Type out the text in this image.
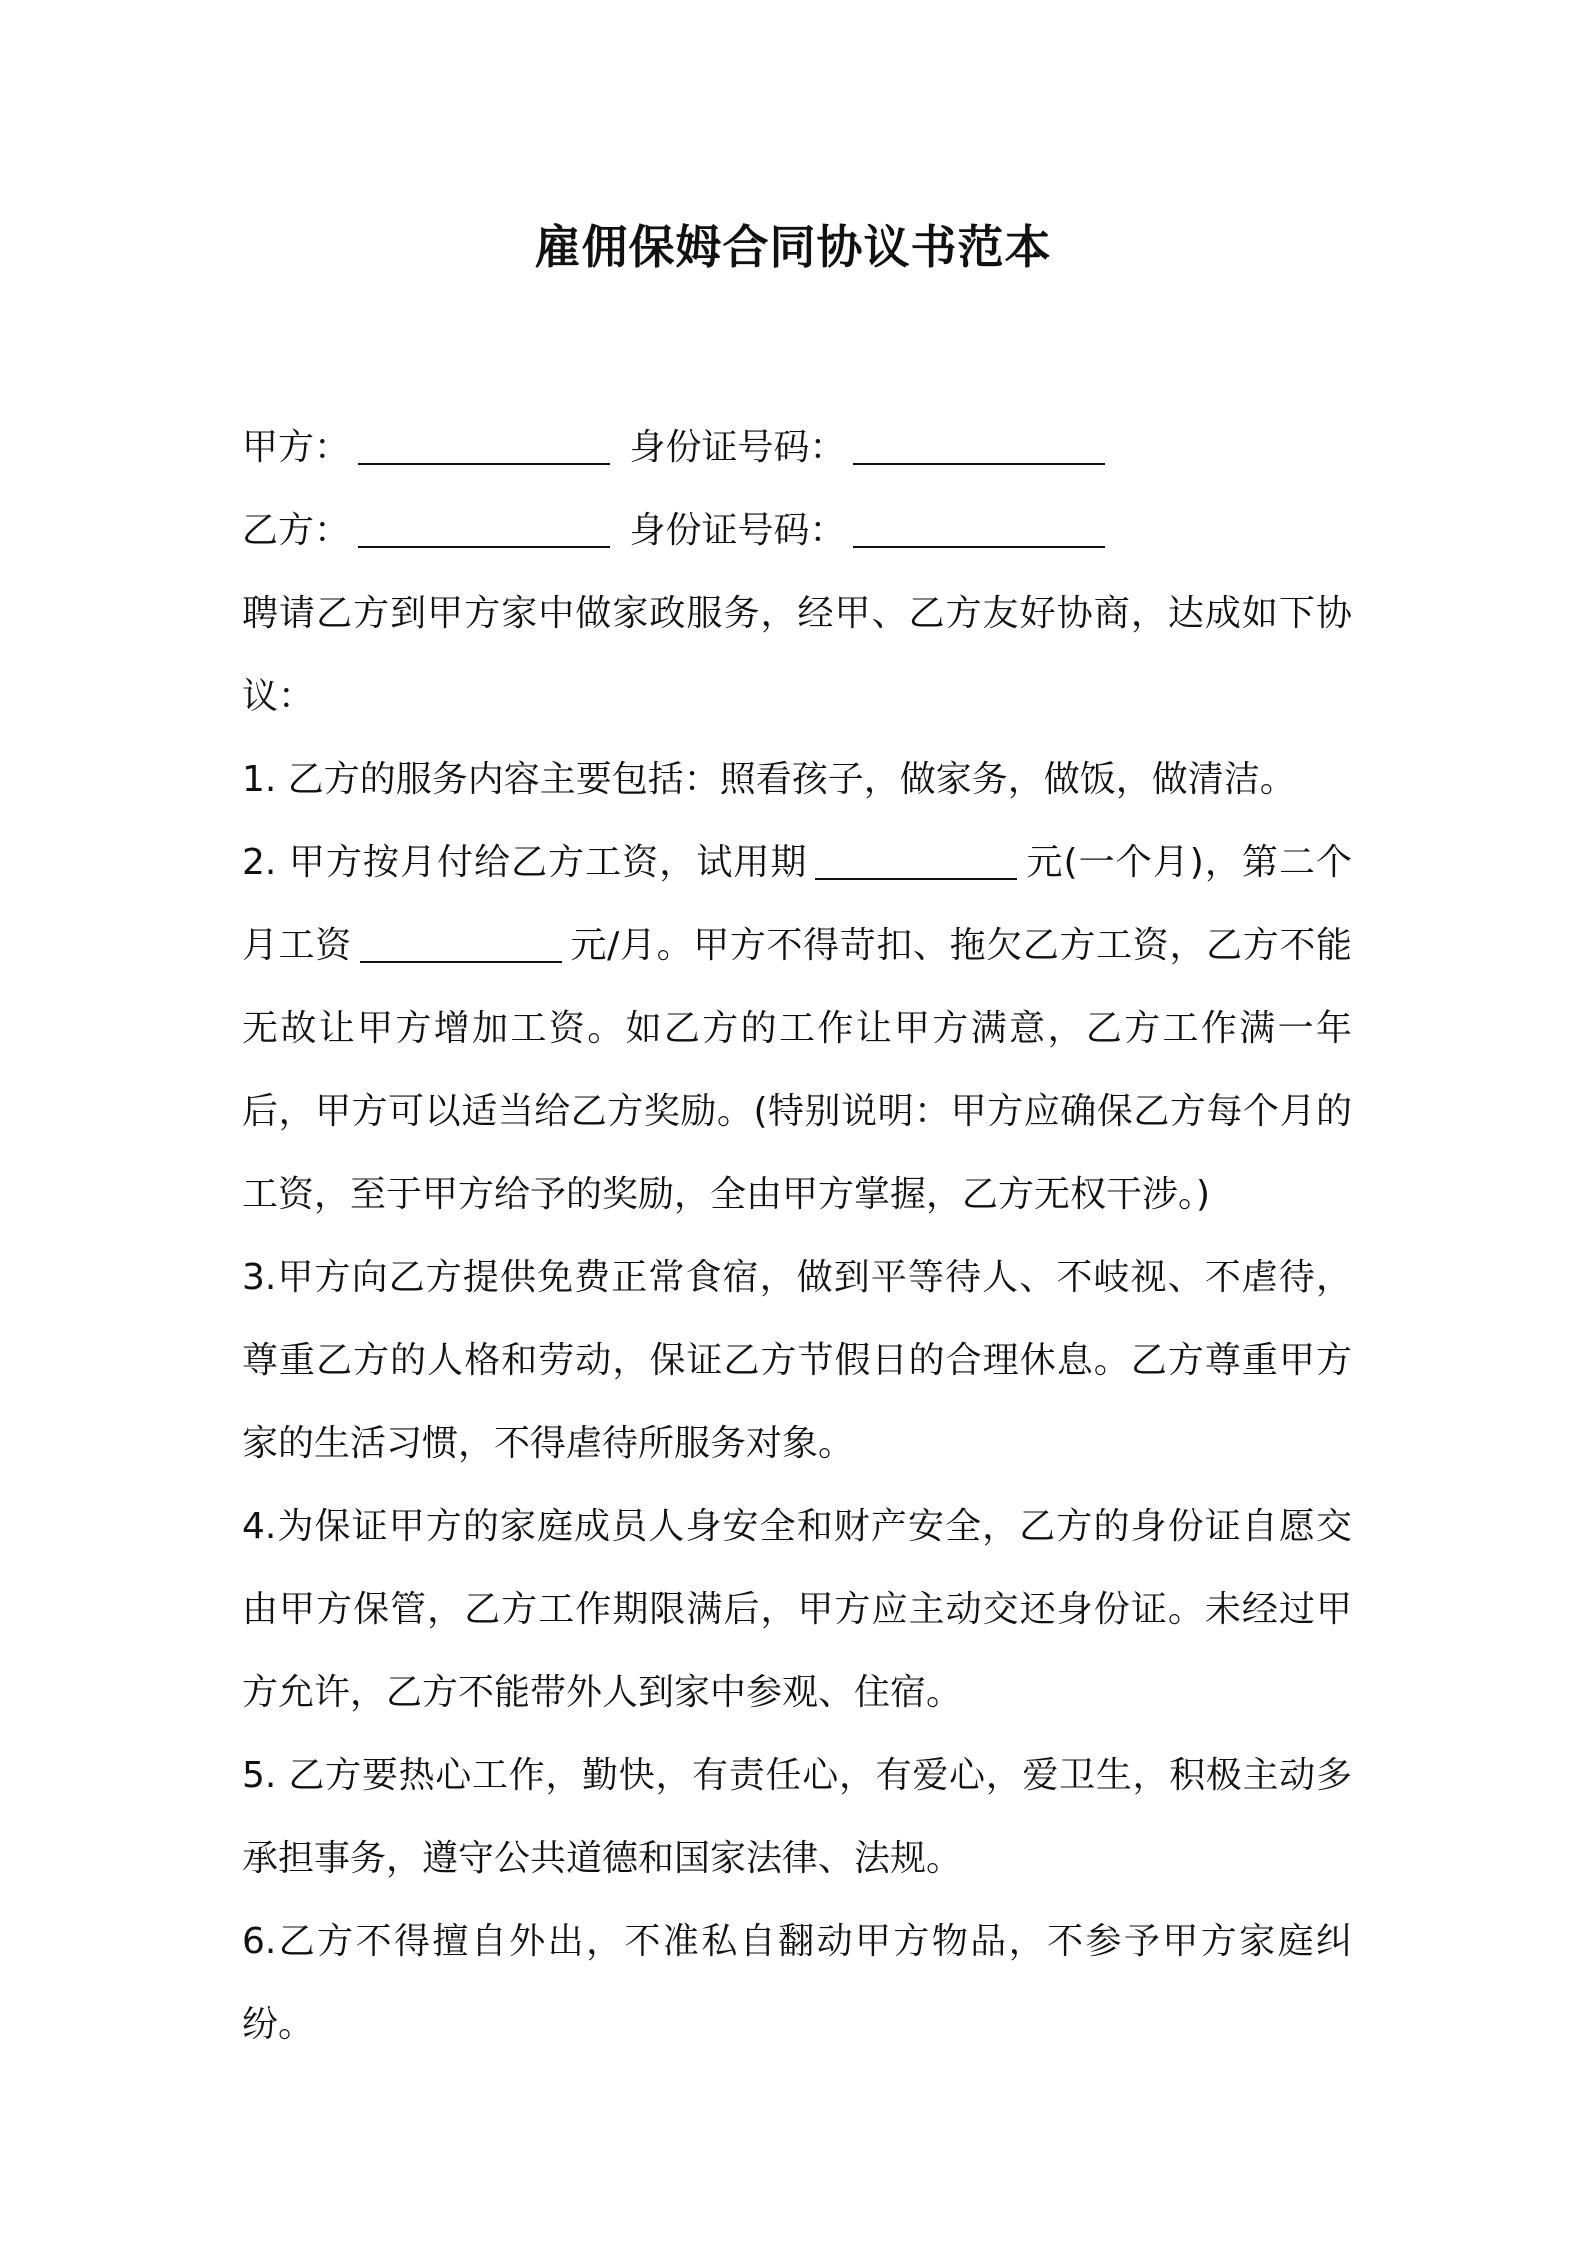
雇佣保姆合同协议书范本
甲方：	身份证号码：
乙方：	身份证号码：
聘请乙方到甲方家中做家政服务，经甲、乙方友好协商，达成如下协议：
1. 乙方的服务内容主要包括：照看孩子，做家务，做饭，做清洁。
2. 甲方按月付给乙方工资，试用期	元(一个月)，第二个月工资	元/月。甲方不得苛扣、拖欠乙方工资，乙方不能无故让甲方增加工资。如乙方的工作让甲方满意，乙方工作满一年后，甲方可以适当给乙方奖励。(特别说明：甲方应确保乙方每个月的工资，至于甲方给予的奖励，全由甲方掌握，乙方无权干涉。)
3.甲方向乙方提供免费正常食宿，做到平等待人、不岐视、不虐待，尊重乙方的人格和劳动，保证乙方节假日的合理休息。乙方尊重甲方家的生活习惯，不得虐待所服务对象。
4.为保证甲方的家庭成员人身安全和财产安全，乙方的身份证自愿交由甲方保管，乙方工作期限满后，甲方应主动交还身份证。未经过甲方允许，乙方不能带外人到家中参观、住宿。
5. 乙方要热心工作，勤快，有责任心，有爱心，爱卫生，积极主动多承担事务，遵守公共道德和国家法律、法规。
6.乙方不得擅自外出，不准私自翻动甲方物品，不参予甲方家庭纠纷。
